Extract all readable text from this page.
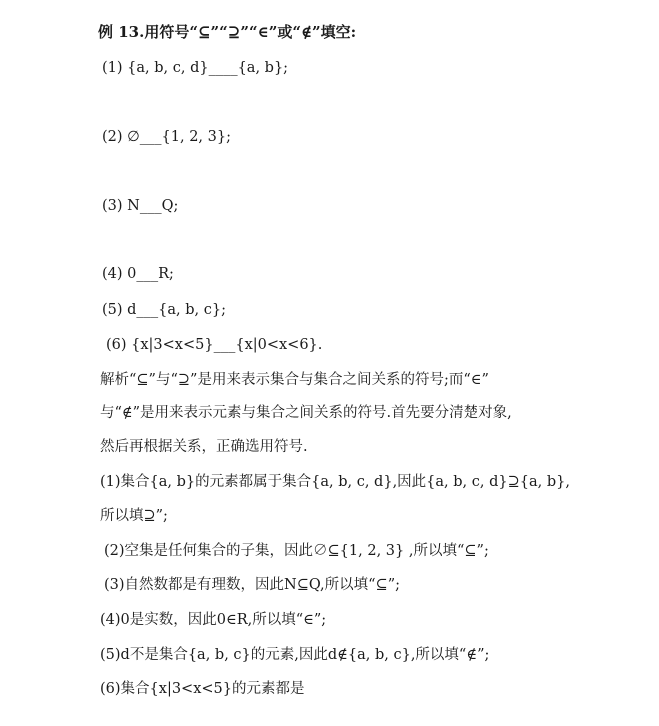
例 13.用符号“⊆”“⊇”“∈”或“∉”填空:
(1) {a, b, c, d}____{a, b};
(2) ∅___{1, 2, 3};
(3) N___Q;
(4) 0___R;
(5) d___{a, b, c};
(6) {x|3<x<5}___{x|0<x<6}.
解析“⊆”与“⊇”是用来表示集合与集合之间关系的符号;而“∈”
与“∉”是用来表示元素与集合之间关系的符号.首先要分清楚对象,
然后再根据关系，正确选用符号.
(1)集合{a, b}的元素都属于集合{a, b, c, d},因此{a, b, c, d}⊇{a, b},
所以填⊇”;
(2)空集是任何集合的子集，因此∅⊆{1, 2, 3} ,所以填“⊆”;
(3)自然数都是有理数，因此N⊆Q,所以填“⊆”;
(4)0是实数，因此0∈R,所以填“∈”;
(5)d不是集合{a, b, c}的元素,因此d∉{a, b, c},所以填“∉”;
(6)集合{x|3<x<5}的元素都是
